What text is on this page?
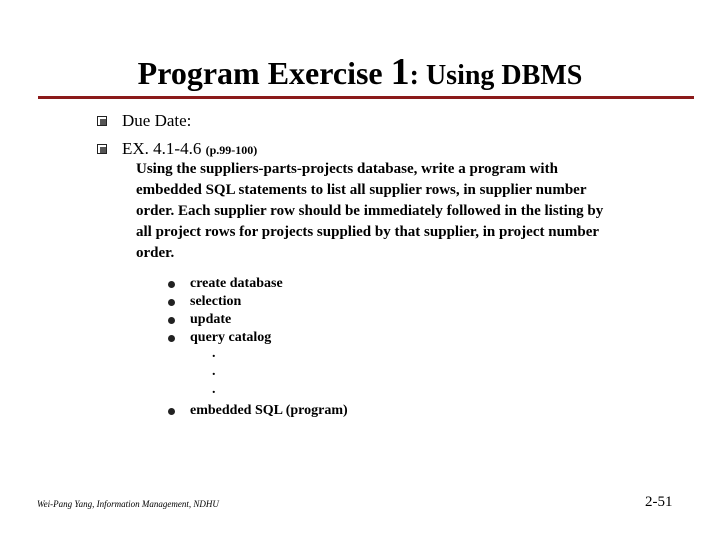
Program Exercise 1: Using DBMS
Due Date:
EX. 4.1-4.6 (p.99-100)
Using the suppliers-parts-projects database, write a program with
embedded SQL statements to list all supplier rows, in supplier number
order. Each supplier row should be immediately followed in the listing by
all project rows for projects supplied by that supplier, in project number
order.
create database
selection
update
query catalog
.
.
.
embedded SQL (program)
Wei-Pang Yang, Information Management, NDHU	2-51
